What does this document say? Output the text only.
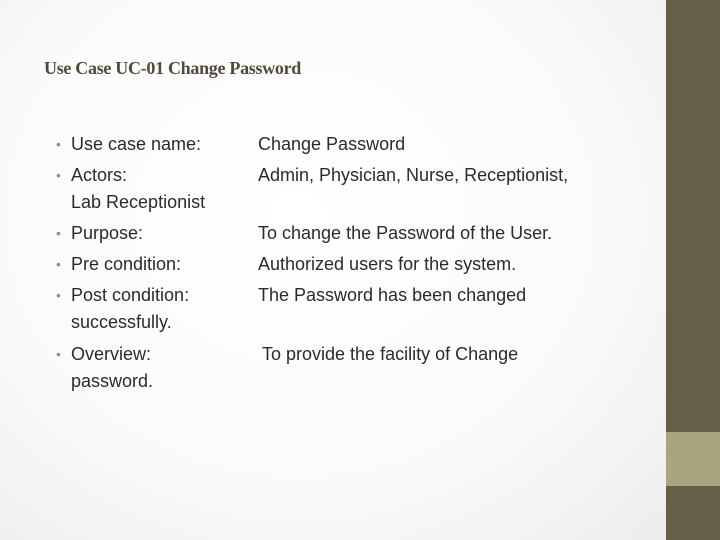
Use Case UC-01 Change Password
• Use case name:	Change Password
• Actors:	Admin, Physician, Nurse, Receptionist,
Lab Receptionist
• Purpose:	To change the Password of the User.
• Pre condition:	Authorized users for the system.
• Post condition:	The Password has been changed
successfully.
• Overview:	To provide the facility of Change
password.
